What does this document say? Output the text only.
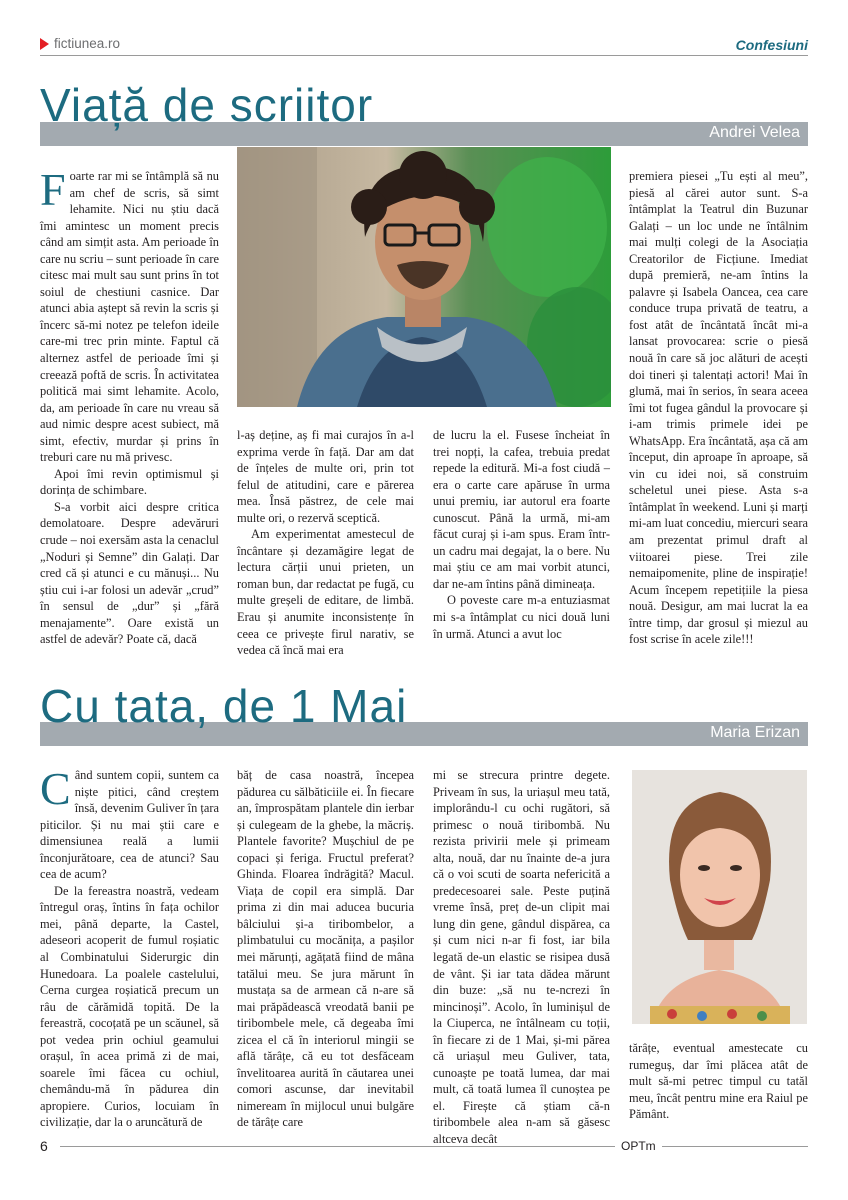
fictiunea.ro	Confesiuni
Andrei Velea
Viață de scriitor

Foarte rar mi se întâmplă să nu am chef de scris, să simt lehamite. Nici nu știu dacă îmi amintesc un moment precis când am simțit asta. Am perioade în care nu scriu – sunt perioade în care citesc mai mult sau sunt prins în tot soiul de chestiuni casnice. Dar atunci abia aștept să revin la scris și încerc să-mi notez pe telefon ideile care-mi trec prin minte. Faptul că alternez astfel de perioade îmi și creează poftă de scris. În activitatea politică mai simt lehamite. Acolo, da, am perioade în care nu vreau să aud nimic despre acest subiect, mă simt, efectiv, murdar și prins în treburi care nu mă privesc.

Apoi îmi revin optimismul și dorința de schimbare.

S-a vorbit aici despre critica demolatoare. Despre adevăruri crude – noi exersăm asta la cenaclul „Noduri și Semne” din Galați. Dar cred că și atunci e cu mănuși... Nu știu cui i-ar folosi un adevăr „crud” în sensul de „dur” și „fără menajamente”. Oare există un astfel de adevăr? Poate că, dacă

l-aș deține, aș fi mai curajos în a-l exprima verde în față. Dar am dat de înțeles de multe ori, prin tot felul de atitudini, care e părerea mea. Însă păstrez, de cele mai multe ori, o rezervă sceptică.

Am experimentat amestecul de încântare și dezamăgire legat de lectura cărții unui prieten, un roman bun, dar redactat pe fugă, cu multe greșeli de editare, de limbă. Erau și anumite inconsistențe în ceea ce privește firul narativ, se vedea că încă mai era

de lucru la el. Fusese încheiat în trei nopți, la cafea, trebuia predat repede la editură. Mi-a fost ciudă – era o carte care apăruse în urma unui premiu, iar autorul era foarte cunoscut. Până la urmă, mi-am făcut curaj și i-am spus. Eram într-un cadru mai degajat, la o bere. Nu mai știu ce am mai vorbit atunci, dar ne-am întins până dimineața.

O poveste care m-a entuziasmat mi s-a întâmplat cu nici două luni în urmă. Atunci a avut loc

premiera piesei „Tu ești al meu”, piesă al cărei autor sunt. S-a întâmplat la Teatrul din Buzunar Galați – un loc unde ne întâlnim mai mulți colegi de la Asociația Creatorilor de Ficțiune. Imediat după premieră, ne-am întins la palavre și Isabela Oancea, cea care conduce trupa privată de teatru, a fost atât de încântată încât mi-a lansat provocarea: scrie o piesă nouă în care să joc alături de acești doi tineri și talentați actori! Mai în glumă, mai în serios, în seara aceea îmi tot fugea gândul la provocare și i-am trimis primele idei pe WhatsApp. Era încântată, așa că am început, din aproape în aproape, să vin cu idei noi, să construim scheletul unei piese. Asta s-a întâmplat în weekend. Luni și marți mi-am luat concediu, miercuri seara am prezentat primul draft al viitoarei piese. Trei zile nemaipomenite, pline de inspirație! Acum începem repetițiile la piesa nouă. Desigur, am mai lucrat la ea între timp, dar grosul și miezul au fost scrise în acele zile!!!

Maria Erizan
Cu tata, de 1 Mai

Când suntem copii, suntem ca niște pitici, când creștem însă, devenim Guliver în țara piticilor. Și nu mai știi care e dimensiunea reală a lumii înconjurătoare, cea de atunci? Sau cea de acum?

De la fereastra noastră, vedeam întregul oraș, întins în fața ochilor mei, până departe, la Castel, adeseori acoperit de fumul roșiatic al Combinatului Siderurgic din Hunedoara. La poalele castelului, Cerna curgea roșiatică precum un râu de cărămidă topită. De la fereastră, cocoțată pe un scăunel, să pot vedea prin ochiul geamului orașul, în acea primă zi de mai, soarele îmi făcea cu ochiul, chemându-mă în pădurea din apropiere. Curios, locuiam în civilizație, dar la o aruncătură de

băț de casa noastră, începea pădurea cu sălbăticiile ei. În fiecare an, împrospătam plantele din ierbar și culegeam de la ghebe, la măcriș. Plantele favorite? Mușchiul de pe copaci și feriga. Fructul preferat? Ghinda. Floarea îndrăgită? Macul. Viața de copil era simplă. Dar prima zi din mai aducea bucuria bâlciului și-a tiribombelor, a plimbatului cu mocănița, a pașilor mei mărunți, agățată fiind de mâna tatălui meu. Se jura mărunt în mustața sa de armean că n-are să mai prăpădească vreodată banii pe tiribombele mele, că degeaba îmi zicea el că în interiorul mingii se află tărâțe, că eu tot desfăceam învelitoarea aurită în căutarea unei comori ascunse, dar inevitabil nimeream în mijlocul unui bulgăre de tărâțe care

mi se strecura printre degete. Priveam în sus, la uriașul meu tată, implorându-l cu ochi rugători, să primesc o nouă tiribombă. Nu rezista privirii mele și primeam alta, nouă, dar nu înainte de-a jura că o voi scuti de soarta nefericită a predecesoarei sale. Peste puțină vreme însă, preț de-un clipit mai lung din gene, gândul dispărea, ca și cum nici n-ar fi fost, iar bila legată de-un elastic se risipea dusă de vânt. Și iar tata dădea mărunt din buze: „să nu te-ncrezi în mincinoși”. Acolo, în luminișul de la Ciuperca, ne întâlneam cu toții, în fiecare zi de 1 Mai, și-mi părea că uriașul meu Guliver, tata, cunoaște pe toată lumea, dar mai mult, că toată lumea îl cunoștea pe el. Firește că știam că-n tiribombele alea n-am să găsesc altceva decât

tărâțe, eventual amestecate cu rumeguș, dar îmi plăcea atât de mult să-mi petrec timpul cu tatăl meu, încât pentru mine era Raiul pe Pământ.

6	OPTm
